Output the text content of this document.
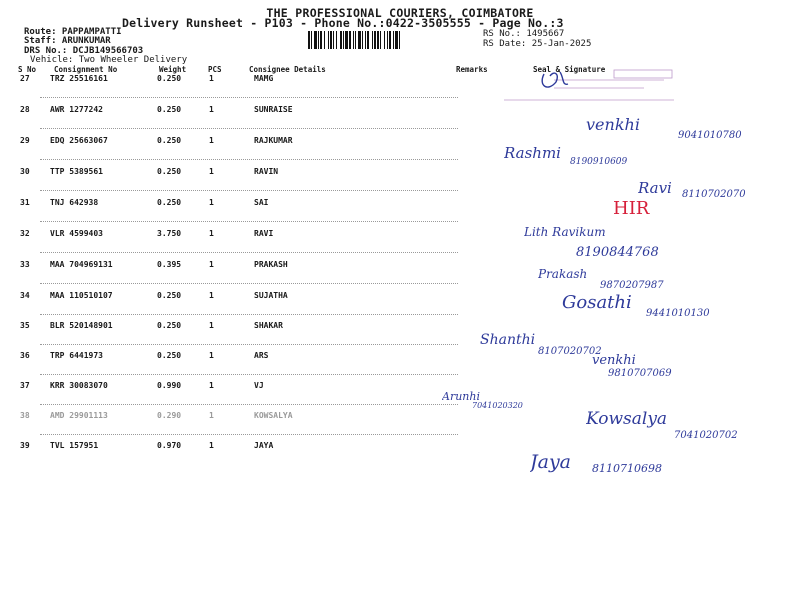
THE PROFESSIONAL COURIERS, COIMBATORE
Delivery Runsheet - P103 - Phone No.:0422-3505555 - Page No.:3
Route: PAPPAMPATTI
Staff: ARUNKUMAR
DRS No.: DCJB149566703
Vehicle: Two Wheeler Delivery
RS No.: 1495667
RS Date: 25-Jan-2025
S No Consignment No	Weight	PCS	Consignee Details	Remarks	Seal & Signature
27	TRZ 25516161	0.250	1	MAMG
28	AWR 1277242	0.250	1	SUNRAISE
29	EDQ 25663067	0.250	1	RAJKUMAR
30	TTP 5389561	0.250	1	RAVIN
31	TNJ 642938	0.250	1	SAI
32	VLR 4599403	3.750	1	RAVI
33	MAA 704969131	0.395	1	PRAKASH
34	MAA 110510107	0.250	1	SUJATHA
35	BLR 520148901	0.250	1	SHAKAR
36	TRP 6441973	0.250	1	ARS
37	KRR 30083070	0.990	1	VJ
38	AMD 29901113	0.290	1	KOWSALYA
39	TVL 157951	0.970	1	JAYA
venkhi
9041010780
Rashmi 8190910609
Ravi 8110702070
HIR
Lith Ravikum
8190844768
Prakash
9870207987
Gosathi
9441010130
Shanthi
8107020702
venkhi
9810707069
Arunhi
7041020320
Kowsalya
7041020702
Jaya 8110710698
